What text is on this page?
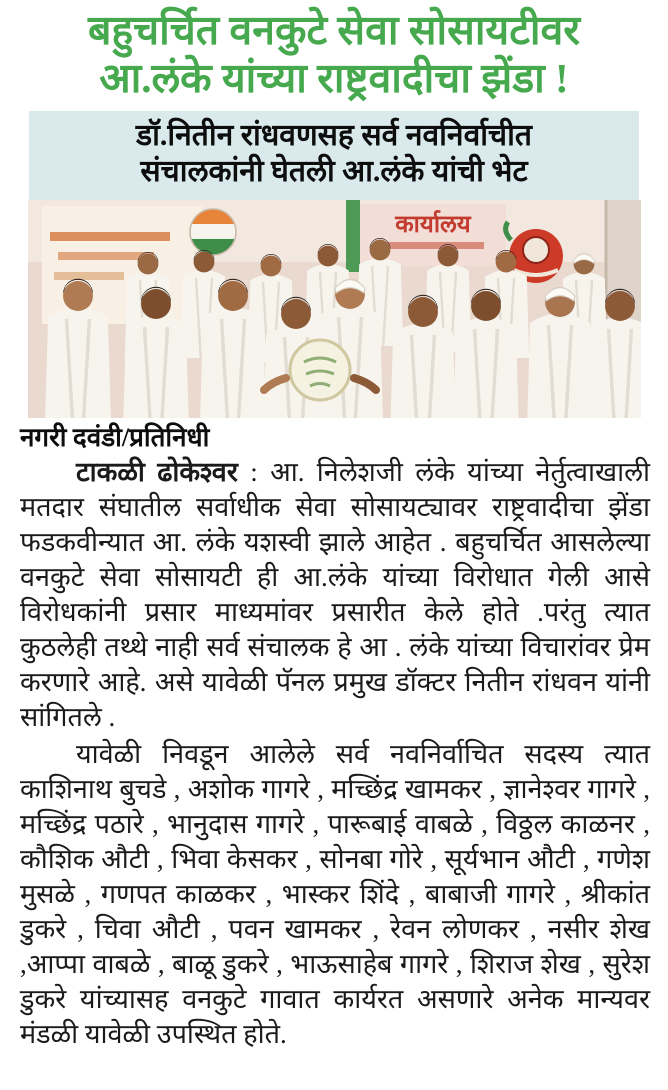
बहुचर्चित वनकुटे सेवा सोसायटीवर
आ.लंके यांच्या राष्ट्रवादीचा झेंडा !
डॉ.नितीन रांधवणसह सर्व नवनिर्वाचीत
संचालकांनी घेतली आ.लंके यांची भेट
कार्यालय
नगरी दवंडी/प्रतिनिधी

टाकळी ढोकेश्वर : आ. निलेशजी लंके यांच्या नेर्तुत्वाखाली मतदार संघातील सर्वाधीक सेवा सोसायट्यावर राष्ट्रवादीचा झेंडा फडकवीन्यात आ. लंके यशस्वी झाले आहेत . बहुचर्चित आसलेल्या वनकुटे सेवा सोसायटी ही आ.लंके यांच्या विरोधात गेली आसे विरोधकांनी प्रसार माध्यमांवर प्रसारीत केले होते .परंतु त्यात कुठलेही तथ्थे नाही सर्व संचालक हे आ . लंके यांच्या विचारांवर प्रेम करणारे आहे. असे यावेळी पॅनल प्रमुख डॉक्टर नितीन रांधवन यांनी सांगितले .

यावेळी निवडून आलेले सर्व नवनिर्वाचित सदस्य त्यात काशिनाथ बुचडे , अशोक गागरे , मच्छिंद्र खामकर , ज्ञानेश्वर गागरे , मच्छिंद्र पठारे , भानुदास गागरे , पारूबाई वाबळे , विठ्ठल काळनर , कौशिक औटी , भिवा केसकर , सोनबा गोरे , सूर्यभान औटी , गणेश मुसळे , गणपत काळकर , भास्कर शिंदे , बाबाजी गागरे , श्रीकांत डुकरे , चिवा औटी , पवन खामकर , रेवन लोणकर , नसीर शेख ,आप्पा वाबळे , बाळू डुकरे , भाऊसाहेब गागरे , शिराज शेख , सुरेश डुकरे यांच्यासह वनकुटे गावात कार्यरत असणारे अनेक मान्यवर मंडळी यावेळी उपस्थित होते.
